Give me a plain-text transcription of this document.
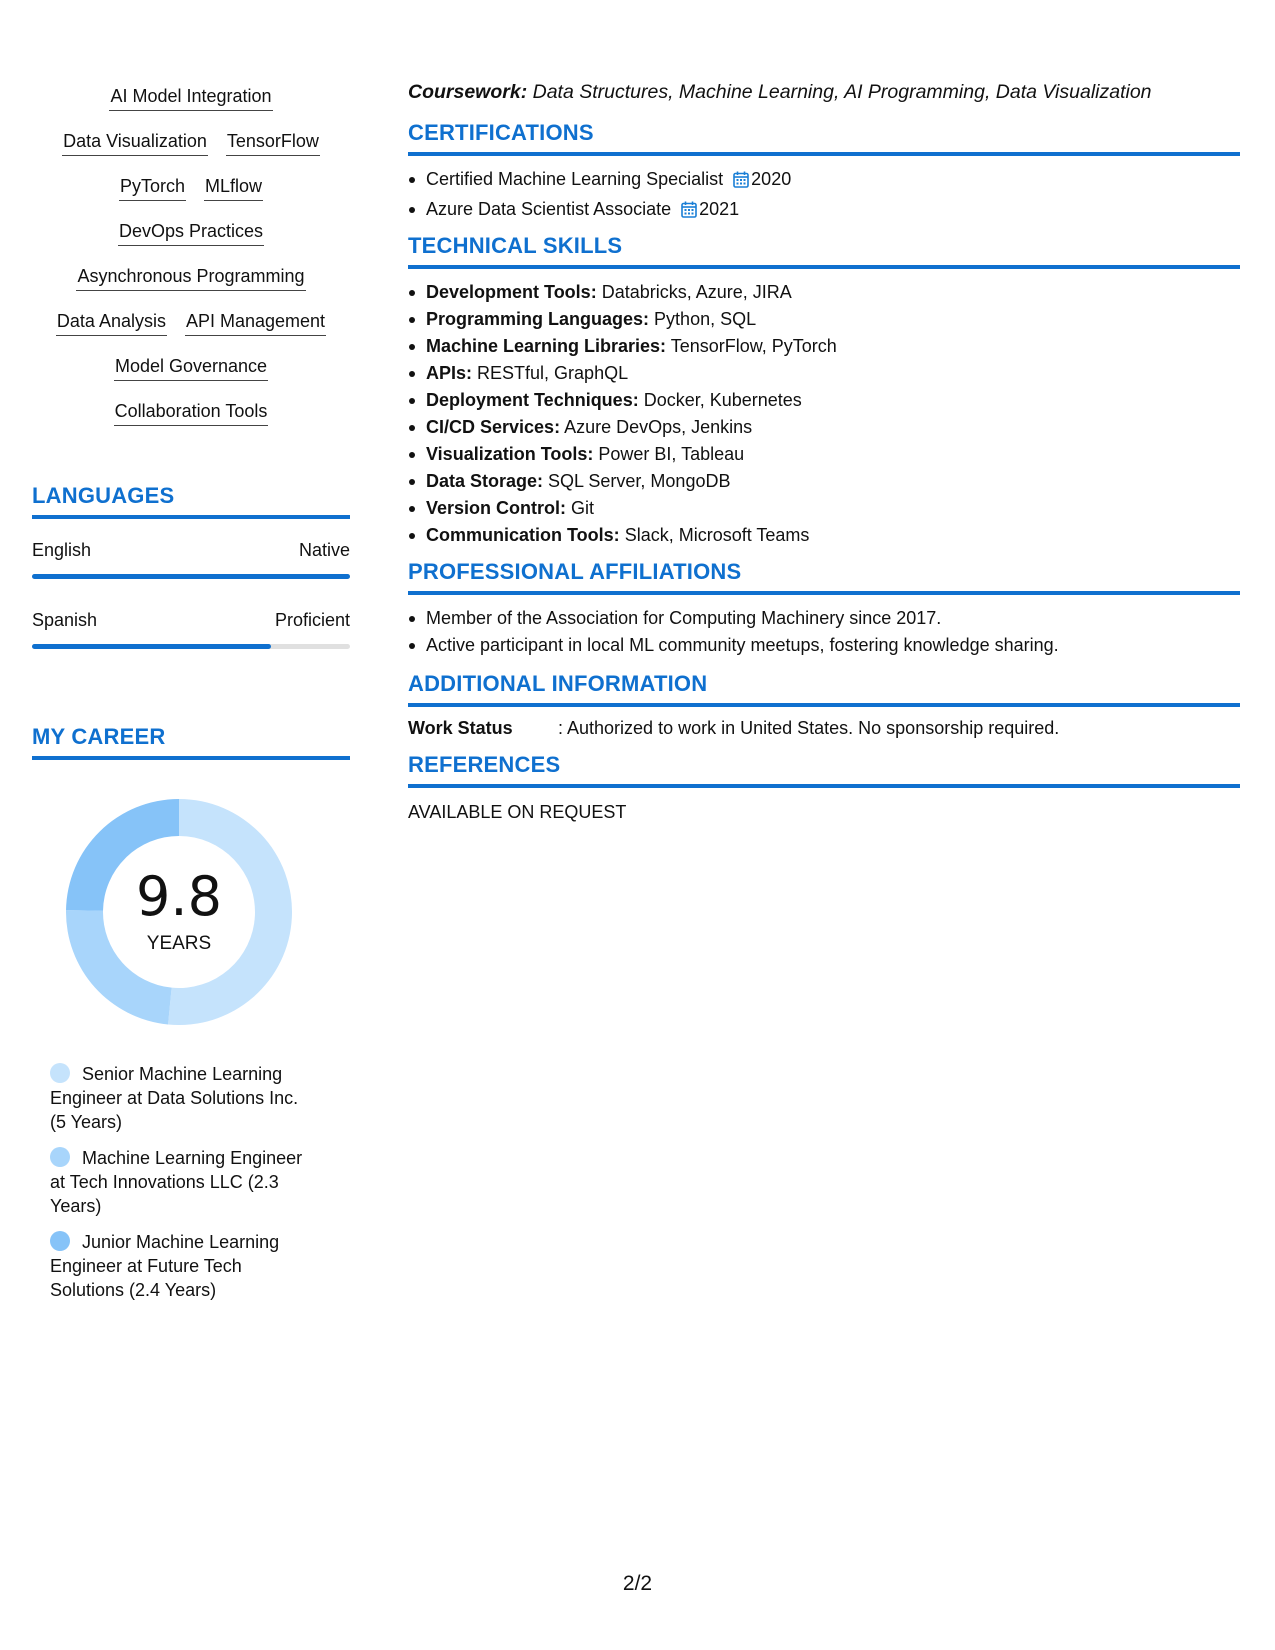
AI Model Integration
Data Visualization TensorFlow
PyTorch MLflow
DevOps Practices
Asynchronous Programming
Data Analysis API Management
Model Governance
Collaboration Tools
LANGUAGES
English	Native
Spanish	Proficient
MY CAREER
9.8
YEARS
Senior Machine Learning Engineer at Data Solutions Inc. (5 Years)
Machine Learning Engineer at Tech Innovations LLC (2.3 Years)
Junior Machine Learning Engineer at Future Tech Solutions (2.4 Years)
Coursework: Data Structures, Machine Learning, AI Programming, Data Visualization
CERTIFICATIONS
Certified Machine Learning Specialist 2020
Azure Data Scientist Associate 2021
TECHNICAL SKILLS
Development Tools: Databricks, Azure, JIRA
Programming Languages: Python, SQL
Machine Learning Libraries: TensorFlow, PyTorch
APIs: RESTful, GraphQL
Deployment Techniques: Docker, Kubernetes
CI/CD Services: Azure DevOps, Jenkins
Visualization Tools: Power BI, Tableau
Data Storage: SQL Server, MongoDB
Version Control: Git
Communication Tools: Slack, Microsoft Teams
PROFESSIONAL AFFILIATIONS
Member of the Association for Computing Machinery since 2017.
Active participant in local ML community meetups, fostering knowledge sharing.
ADDITIONAL INFORMATION
Work Status	: Authorized to work in United States. No sponsorship required.
REFERENCES
AVAILABLE ON REQUEST
2/2
